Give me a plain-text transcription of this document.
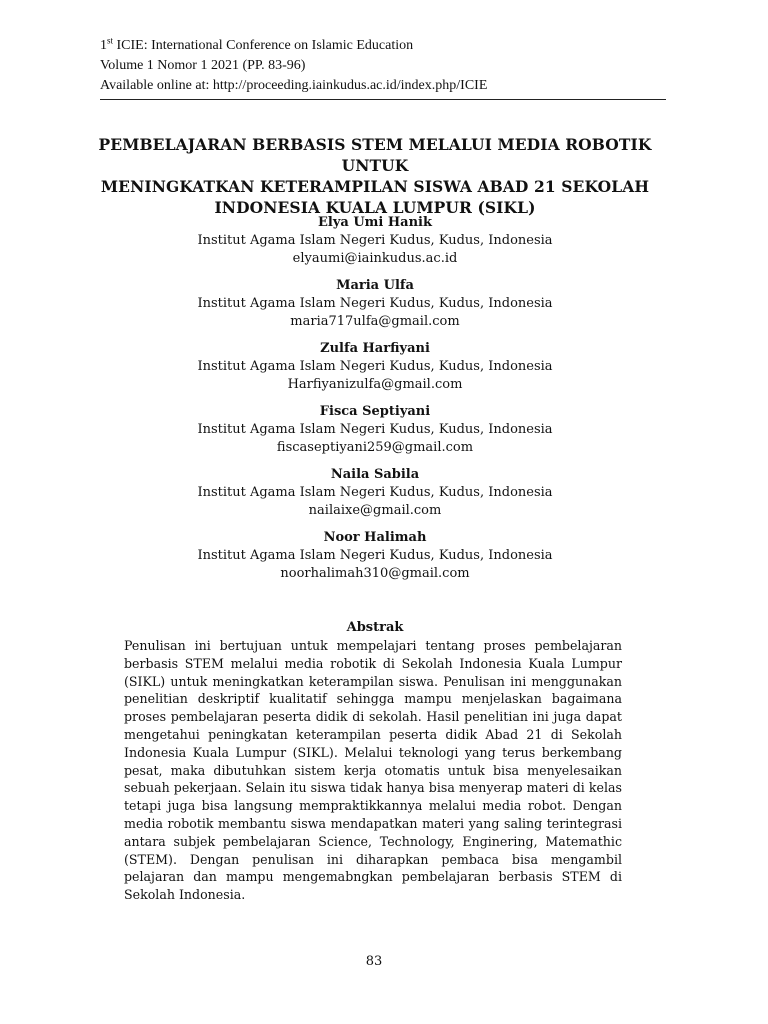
1st ICIE: International Conference on Islamic Education
Volume 1 Nomor 1 2021 (PP. 83-96)
Available online at: http://proceeding.iainkudus.ac.id/index.php/ICIE
PEMBELAJARAN BERBASIS STEM MELALUI MEDIA ROBOTIK UNTUK
MENINGKATKAN KETERAMPILAN SISWA ABAD 21 SEKOLAH
INDONESIA KUALA LUMPUR (SIKL)
Elya Umi Hanik
Institut Agama Islam Negeri Kudus, Kudus, Indonesia
elyaumi@iainkudus.ac.id
Maria Ulfa
Institut Agama Islam Negeri Kudus, Kudus, Indonesia
maria717ulfa@gmail.com
Zulfa Harfiyani
Institut Agama Islam Negeri Kudus, Kudus, Indonesia
Harfiyanizulfa@gmail.com
Fisca Septiyani
Institut Agama Islam Negeri Kudus, Kudus, Indonesia
fiscaseptiyani259@gmail.com
Naila Sabila
Institut Agama Islam Negeri Kudus, Kudus, Indonesia
nailaixe@gmail.com
Noor Halimah
Institut Agama Islam Negeri Kudus, Kudus, Indonesia
noorhalimah310@gmail.com
Abstrak
Penulisan ini bertujuan untuk mempelajari tentang proses pembelajaran berbasis STEM melalui media robotik di Sekolah Indonesia Kuala Lumpur (SIKL) untuk meningkatkan keterampilan siswa. Penulisan ini menggunakan penelitian deskriptif kualitatif sehingga mampu menjelaskan bagaimana proses pembelajaran peserta didik di sekolah. Hasil penelitian ini juga dapat mengetahui peningkatan keterampilan peserta didik Abad 21 di Sekolah Indonesia Kuala Lumpur (SIKL). Melalui teknologi yang terus berkembang pesat, maka dibutuhkan sistem kerja otomatis untuk bisa menyelesaikan sebuah pekerjaan. Selain itu siswa tidak hanya bisa menyerap materi di kelas tetapi juga bisa langsung mempraktikkannya melalui media robot. Dengan media robotik membantu siswa mendapatkan materi yang saling terintegrasi antara subjek pembelajaran Science, Technology, Enginering, Matemathic (STEM). Dengan penulisan ini diharapkan pembaca bisa mengambil pelajaran dan mampu mengemabngkan pembelajaran berbasis STEM di Sekolah Indonesia.
83
